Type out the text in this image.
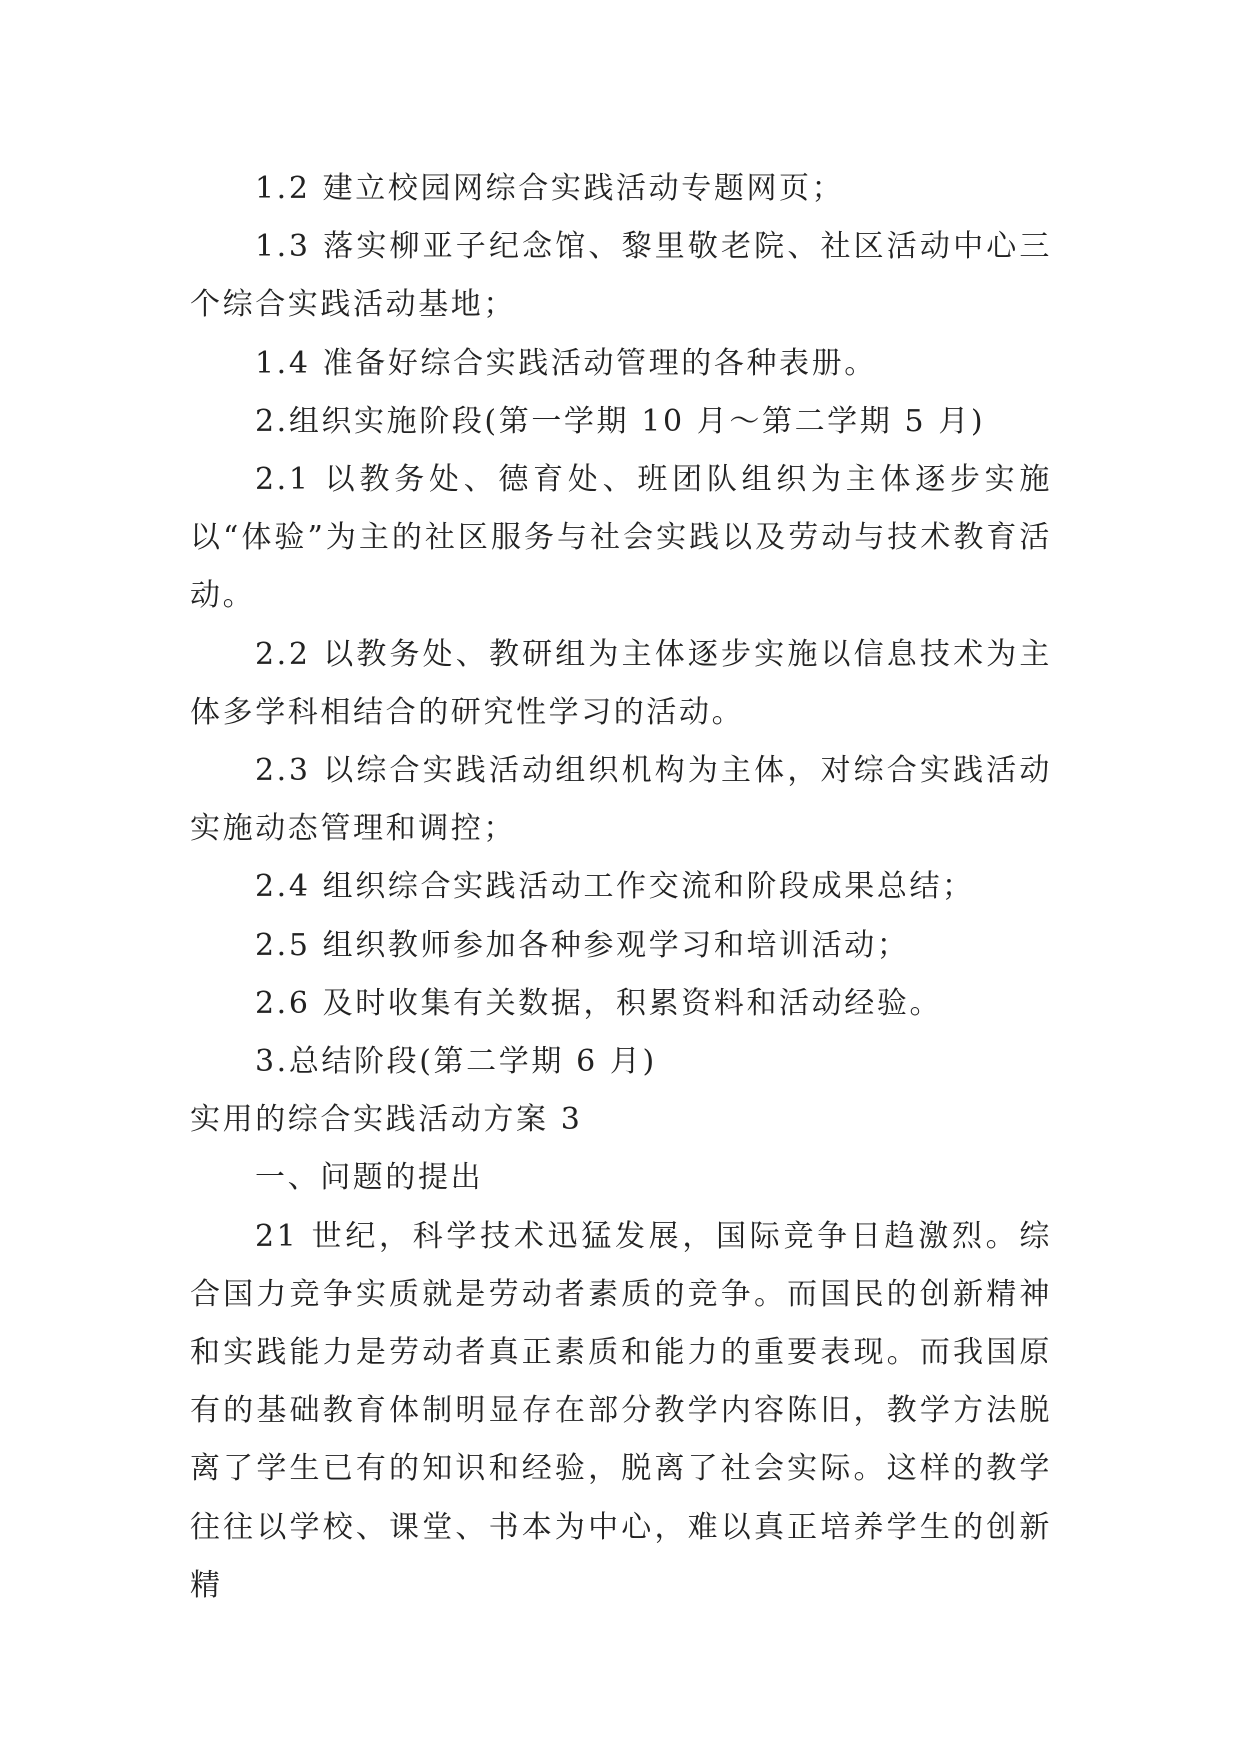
1.2 建立校园网综合实践活动专题网页；

1.3 落实柳亚子纪念馆、黎里敬老院、社区活动中心三个综合实践活动基地；

1.4 准备好综合实践活动管理的各种表册。

2.组织实施阶段(第一学期 10 月～第二学期 5 月)

2.1 以教务处、德育处、班团队组织为主体逐步实施以“体验”为主的社区服务与社会实践以及劳动与技术教育活动。

2.2 以教务处、教研组为主体逐步实施以信息技术为主体多学科相结合的研究性学习的活动。

2.3 以综合实践活动组织机构为主体，对综合实践活动实施动态管理和调控；

2.4 组织综合实践活动工作交流和阶段成果总结；

2.5 组织教师参加各种参观学习和培训活动；

2.6 及时收集有关数据，积累资料和活动经验。

3.总结阶段(第二学期 6 月)

实用的综合实践活动方案 3

一、问题的提出

21 世纪，科学技术迅猛发展，国际竞争日趋激烈。综合国力竞争实质就是劳动者素质的竞争。而国民的创新精神和实践能力是劳动者真正素质和能力的重要表现。而我国原有的基础教育体制明显存在部分教学内容陈旧，教学方法脱离了学生已有的知识和经验，脱离了社会实际。这样的教学往往以学校、课堂、书本为中心，难以真正培养学生的创新精
